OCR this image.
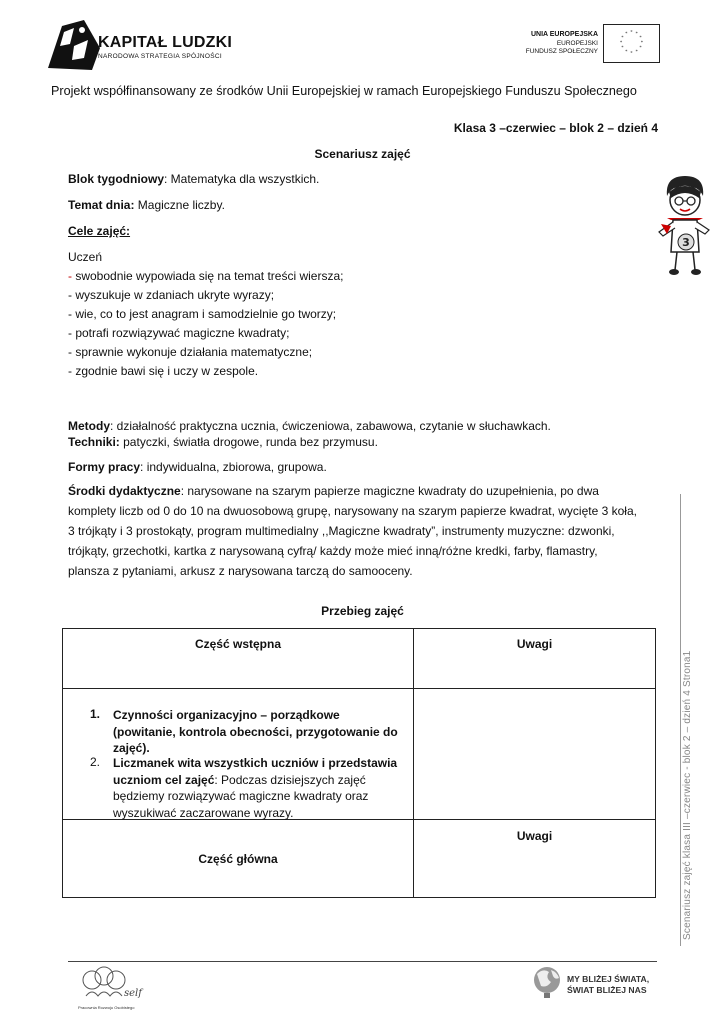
KAPITAŁ LUDZKI
NARODOWA STRATEGIA SPÓJNOŚCI
UNIA EUROPEJSKA
EUROPEJSKI
FUNDUSZ SPOŁECZNY
* *
*
*
*
*
*
*
*
*
*
*
Projekt współfinansowany ze środków Unii Europejskiej w ramach Europejskiego Funduszu Społecznego
Klasa 3 –czerwiec – blok 2 – dzień 4
Scenariusz zajęć
3
Blok tygodniowy: Matematyka dla wszystkich.
Temat dnia: Magiczne liczby.
Cele zajęć:
Uczeń
- swobodnie wypowiada się na temat treści wiersza;
- wyszukuje w zdaniach ukryte wyrazy;
- wie, co to jest anagram i samodzielnie go tworzy;
- potrafi rozwiązywać magiczne kwadraty;
- sprawnie wykonuje działania matematyczne;
- zgodnie bawi się i uczy w zespole.
Metody: działalność praktyczna ucznia, ćwiczeniowa, zabawowa, czytanie w słuchawkach.
Techniki: patyczki, światła drogowe, runda bez przymusu.
Formy pracy: indywidualna, zbiorowa, grupowa.
Środki dydaktyczne: narysowane na szarym papierze magiczne kwadraty do uzupełnienia, po dwa
komplety liczb od 0 do 10 na dwuosobową grupę, narysowany na szarym papierze kwadrat, wycięte 3 koła,
3 trójkąty i 3 prostokąty, program multimedialny ,,Magiczne kwadraty”, instrumenty muzyczne: dzwonki,
trójkąty, grzechotki, kartka z narysowaną cyfrą/ każdy może mieć inną/różne kredki, farby, flamastry,
plansza z pytaniami, arkusz z narysowana tarczą do samooceny.
Przebieg zajęć
Część wstępna	Uwagi
1. Czynności organizacyjno – porządkowe (powitanie, kontrola obecności, przygotowanie do zajęć).
2. Liczmanek wita wszystkich uczniów i przedstawia uczniom cel zajęć: Podczas dzisiejszych zajęć będziemy rozwiązywać magiczne kwadraty oraz wyszukiwać zaczarowane wyrazy.
Uwagi
Część główna	Scenariusz zajęć klasa III –czerwiec - blok 2 – dzień 4 Strona1
self
Pracownia Rozwoju Osobistego
MY BLIŻEJ ŚWIATA,
ŚWIAT BLIŻEJ NAS
